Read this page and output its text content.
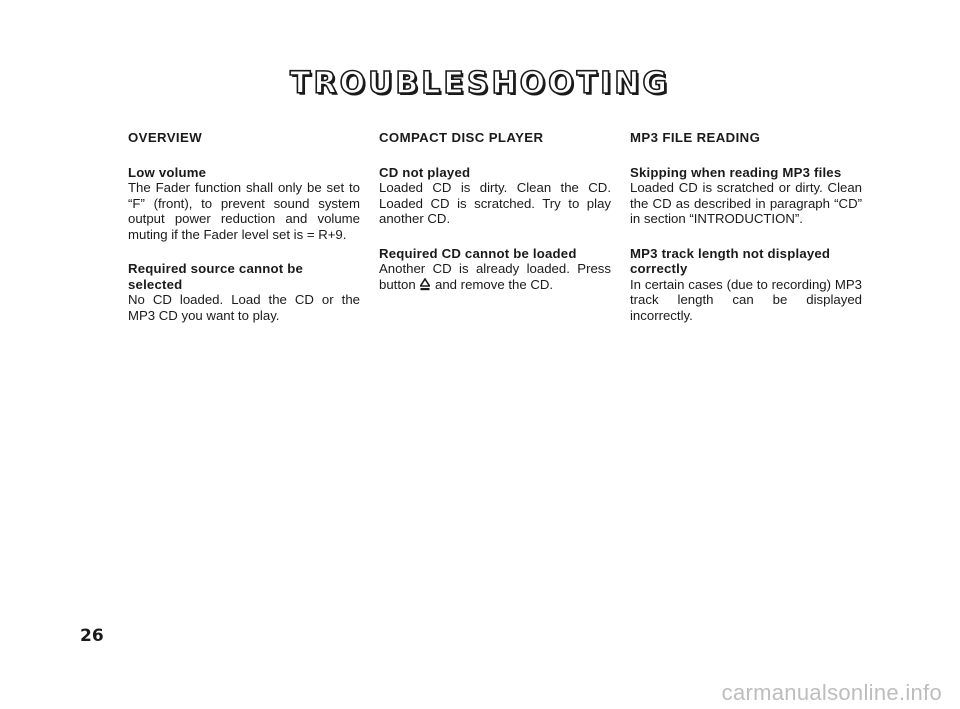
TROUBLESHOOTING
OVERVIEW
Low volume
The Fader function shall only be set to “F” (front), to prevent sound system output power reduction and volume muting if the Fader level set is = R+9.
Required source cannot be selected
No CD loaded. Load the CD or the MP3 CD you want to play.
COMPACT DISC PLAYER
CD not played
Loaded CD is dirty. Clean the CD. Loaded CD is scratched. Try to play another CD.
Required CD cannot be loaded
Another CD is already loaded. Press button and remove the CD.
MP3 FILE READING
Skipping when reading MP3 files
Loaded CD is scratched or dirty. Clean the CD as described in paragraph “CD” in section “INTRODUCTION”.
MP3 track length not displayed correctly
In certain cases (due to recording) MP3 track length can be displayed incorrectly.
26
carmanualsonline.info
